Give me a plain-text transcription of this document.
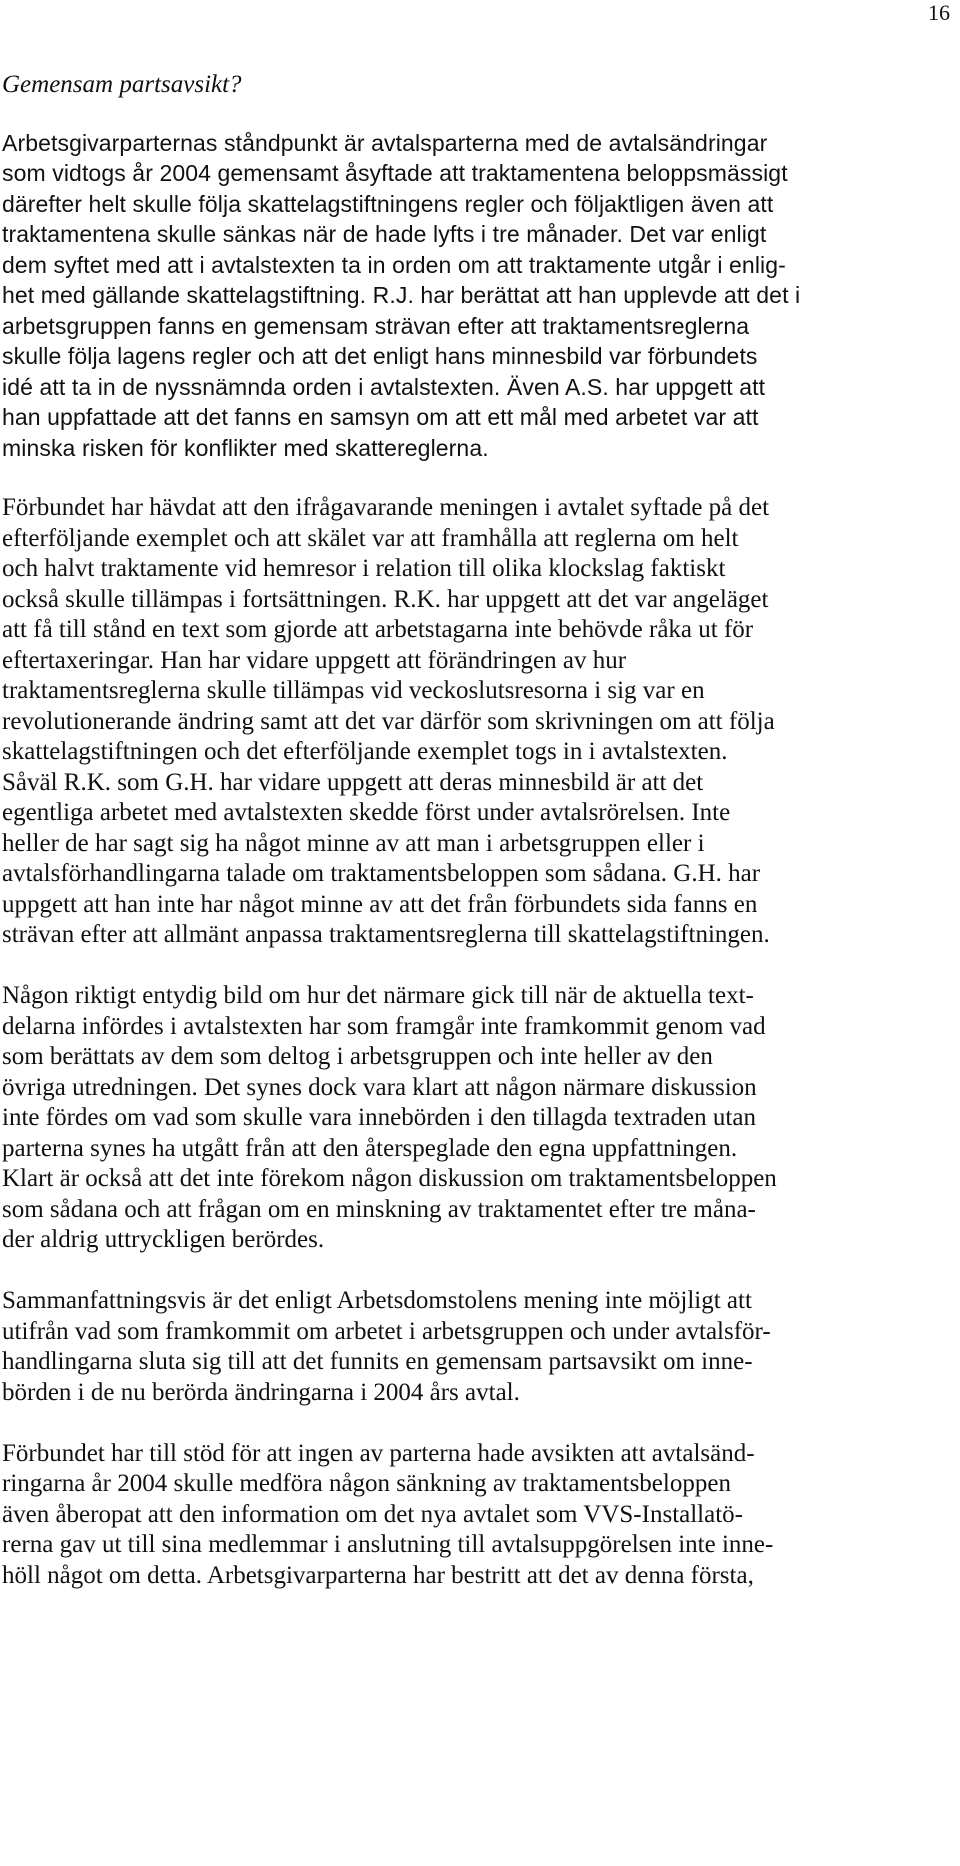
16
Gemensam partsavsikt?
Arbetsgivarparternas ståndpunkt är avtalsparterna med de avtalsändringar
som vidtogs år 2004 gemensamt åsyftade att traktamentena beloppsmässigt
därefter helt skulle följa skattelagstiftningens regler och följaktligen även att
traktamentena skulle sänkas när de hade lyfts i tre månader. Det var enligt
dem syftet med att i avtalstexten ta in orden om att traktamente utgår i enlig-
het med gällande skattelagstiftning. R.J. har berättat att han upplevde att det i
arbetsgruppen fanns en gemensam strävan efter att traktamentsreglerna
skulle följa lagens regler och att det enligt hans minnesbild var förbundets
idé att ta in de nyssnämnda orden i avtalstexten. Även A.S. har uppgett att
han uppfattade att det fanns en samsyn om att ett mål med arbetet var att
minska risken för konflikter med skattereglerna.
Förbundet har hävdat att den ifrågavarande meningen i avtalet syftade på det
efterföljande exemplet och att skälet var att framhålla att reglerna om helt
och halvt traktamente vid hemresor i relation till olika klockslag faktiskt
också skulle tillämpas i fortsättningen. R.K. har uppgett att det var angeläget
att få till stånd en text som gjorde att arbetstagarna inte behövde råka ut för
eftertaxeringar. Han har vidare uppgett att förändringen av hur
traktamentsreglerna skulle tillämpas vid veckoslutsresorna i sig var en
revolutionerande ändring samt att det var därför som skrivningen om att följa
skattelagstiftningen och det efterföljande exemplet togs in i avtalstexten.
Såväl R.K. som G.H. har vidare uppgett att deras minnesbild är att det
egentliga arbetet med avtalstexten skedde först under avtalsrörelsen. Inte
heller de har sagt sig ha något minne av att man i arbetsgruppen eller i
avtalsförhandlingarna talade om traktamentsbeloppen som sådana. G.H. har
uppgett att han inte har något minne av att det från förbundets sida fanns en
strävan efter att allmänt anpassa traktamentsreglerna till skattelagstiftningen.
Någon riktigt entydig bild om hur det närmare gick till när de aktuella text-
delarna infördes i avtalstexten har som framgår inte framkommit genom vad
som berättats av dem som deltog i arbetsgruppen och inte heller av den
övriga utredningen. Det synes dock vara klart att någon närmare diskussion
inte fördes om vad som skulle vara innebörden i den tillagda textraden utan
parterna synes ha utgått från att den återspeglade den egna uppfattningen.
Klart är också att det inte förekom någon diskussion om traktamentsbeloppen
som sådana och att frågan om en minskning av traktamentet efter tre måna-
der aldrig uttryckligen berördes.
Sammanfattningsvis är det enligt Arbetsdomstolens mening inte möjligt att
utifrån vad som framkommit om arbetet i arbetsgruppen och under avtalsför-
handlingarna sluta sig till att det funnits en gemensam partsavsikt om inne-
börden i de nu berörda ändringarna i 2004 års avtal.
Förbundet har till stöd för att ingen av parterna hade avsikten att avtalsänd-
ringarna år 2004 skulle medföra någon sänkning av traktamentsbeloppen
även åberopat att den information om det nya avtalet som VVS-Installatö-
rerna gav ut till sina medlemmar i anslutning till avtalsuppgörelsen inte inne-
höll något om detta. Arbetsgivarparterna har bestritt att det av denna första,
